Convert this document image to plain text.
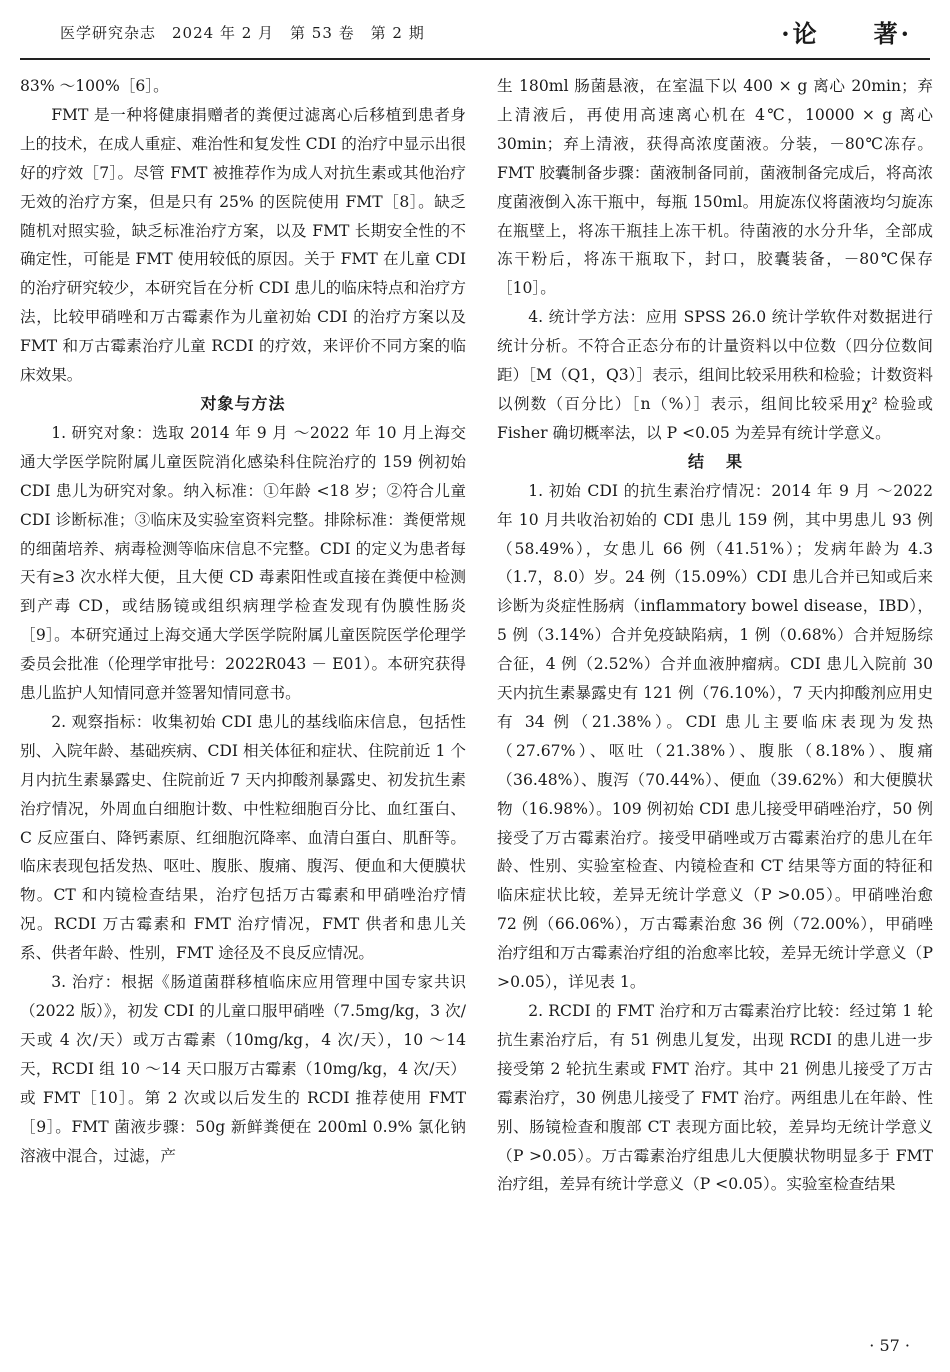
医学研究杂志　2024 年 2 月　第 53 卷　第 2 期	·论　　著·

83% ～100%［6］。

FMT 是一种将健康捐赠者的粪便过滤离心后移植到患者身上的技术，在成人重症、难治性和复发性 CDI 的治疗中显示出很好的疗效［7］。尽管 FMT 被推荐作为成人对抗生素或其他治疗无效的治疗方案，但是只有 25% 的医院使用 FMT［8］。缺乏随机对照实验，缺乏标准治疗方案，以及 FMT 长期安全性的不确定性，可能是 FMT 使用较低的原因。关于 FMT 在儿童 CDI 的治疗研究较少，本研究旨在分析 CDI 患儿的临床特点和治疗方法，比较甲硝唑和万古霉素作为儿童初始 CDI 的治疗方案以及 FMT 和万古霉素治疗儿童 RCDI 的疗效，来评价不同方案的临床效果。

对象与方法

1. 研究对象：选取 2014 年 9 月 ～2022 年 10 月上海交通大学医学院附属儿童医院消化感染科住院治疗的 159 例初始 CDI 患儿为研究对象。纳入标准：①年龄 <18 岁；②符合儿童 CDI 诊断标准；③临床及实验室资料完整。排除标准：粪便常规的细菌培养、病毒检测等临床信息不完整。CDI 的定义为患者每天有≥3 次水样大便，且大便 CD 毒素阳性或直接在粪便中检测到产毒 CD，或结肠镜或组织病理学检查发现有伪膜性肠炎［9］。本研究通过上海交通大学医学院附属儿童医院医学伦理学委员会批准（伦理学审批号：2022R043 － E01）。本研究获得患儿监护人知情同意并签署知情同意书。

2. 观察指标：收集初始 CDI 患儿的基线临床信息，包括性别、入院年龄、基础疾病、CDI 相关体征和症状、住院前近 1 个月内抗生素暴露史、住院前近 7 天内抑酸剂暴露史、初发抗生素治疗情况，外周血白细胞计数、中性粒细胞百分比、血红蛋白、C 反应蛋白、降钙素原、红细胞沉降率、血清白蛋白、肌酐等。临床表现包括发热、呕吐、腹胀、腹痛、腹泻、便血和大便膜状物。CT 和内镜检查结果，治疗包括万古霉素和甲硝唑治疗情况。RCDI 万古霉素和 FMT 治疗情况，FMT 供者和患儿关系、供者年龄、性别，FMT 途径及不良反应情况。

3. 治疗：根据《肠道菌群移植临床应用管理中国专家共识（2022 版）》，初发 CDI 的儿童口服甲硝唑（7.5mg/kg，3 次/天或 4 次/天）或万古霉素（10mg/kg，4 次/天），10 ～14 天，RCDI 组 10 ～14 天口服万古霉素（10mg/kg，4 次/天）或 FMT［10］。第 2 次或以后发生的 RCDI 推荐使用 FMT［9］。FMT 菌液步骤：50g 新鲜粪便在 200ml 0.9% 氯化钠溶液中混合，过滤，产

生 180ml 肠菌悬液，在室温下以 400 × g 离心 20min；弃上清液后，再使用高速离心机在 4℃，10000 × g 离心 30min；弃上清液，获得高浓度菌液。分装，－80℃冻存。FMT 胶囊制备步骤：菌液制备同前，菌液制备完成后，将高浓度菌液倒入冻干瓶中，每瓶 150ml。用旋冻仪将菌液均匀旋冻在瓶壁上，将冻干瓶挂上冻干机。待菌液的水分升华，全部成冻干粉后，将冻干瓶取下，封口，胶囊装备，－80℃保存［10］。

4. 统计学方法：应用 SPSS 26.0 统计学软件对数据进行统计分析。不符合正态分布的计量资料以中位数（四分位数间距）［M（Q1，Q3）］表示，组间比较采用秩和检验；计数资料以例数（百分比）［n（%）］表示，组间比较采用χ² 检验或 Fisher 确切概率法，以 P <0.05 为差异有统计学意义。

结果

1. 初始 CDI 的抗生素治疗情况：2014 年 9 月 ～2022 年 10 月共收治初始的 CDI 患儿 159 例，其中男患儿 93 例（58.49%），女患儿 66 例（41.51%）；发病年龄为 4.3（1.7，8.0）岁。24 例（15.09%）CDI 患儿合并已知或后来诊断为炎症性肠病（inflammatory bowel disease，IBD），5 例（3.14%）合并免疫缺陷病，1 例（0.68%）合并短肠综合征，4 例（2.52%）合并血液肿瘤病。CDI 患儿入院前 30 天内抗生素暴露史有 121 例（76.10%），7 天内抑酸剂应用史有 34 例（21.38%）。CDI 患儿主要临床表现为发热（27.67%）、呕吐（21.38%）、腹胀（8.18%）、腹痛（36.48%）、腹泻（70.44%）、便血（39.62%）和大便膜状物（16.98%）。109 例初始 CDI 患儿接受甲硝唑治疗，50 例接受了万古霉素治疗。接受甲硝唑或万古霉素治疗的患儿在年龄、性别、实验室检查、内镜检查和 CT 结果等方面的特征和临床症状比较，差异无统计学意义（P >0.05）。甲硝唑治愈 72 例（66.06%），万古霉素治愈 36 例（72.00%），甲硝唑治疗组和万古霉素治疗组的治愈率比较，差异无统计学意义（P >0.05），详见表 1。

2. RCDI 的 FMT 治疗和万古霉素治疗比较：经过第 1 轮抗生素治疗后，有 51 例患儿复发，出现 RCDI 的患儿进一步接受第 2 轮抗生素或 FMT 治疗。其中 21 例患儿接受了万古霉素治疗，30 例患儿接受了 FMT 治疗。两组患儿在年龄、性别、肠镜检查和腹部 CT 表现方面比较，差异均无统计学意义（P >0.05）。万古霉素治疗组患儿大便膜状物明显多于 FMT 治疗组，差异有统计学意义（P <0.05）。实验室检查结果

· 57 ·
